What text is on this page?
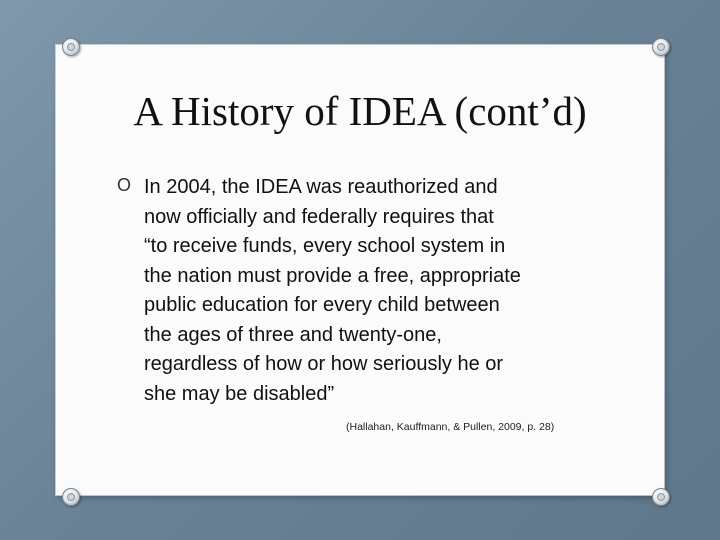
A History of IDEA (cont’d)
O In 2004, the IDEA was reauthorized and
now officially and federally requires that
“to receive funds, every school system in
the nation must provide a free, appropriate
public education for every child between
the ages of three and twenty-one,
regardless of how or how seriously he or
she may be disabled”
(Hallahan, Kauffmann, & Pullen, 2009, p. 28)
